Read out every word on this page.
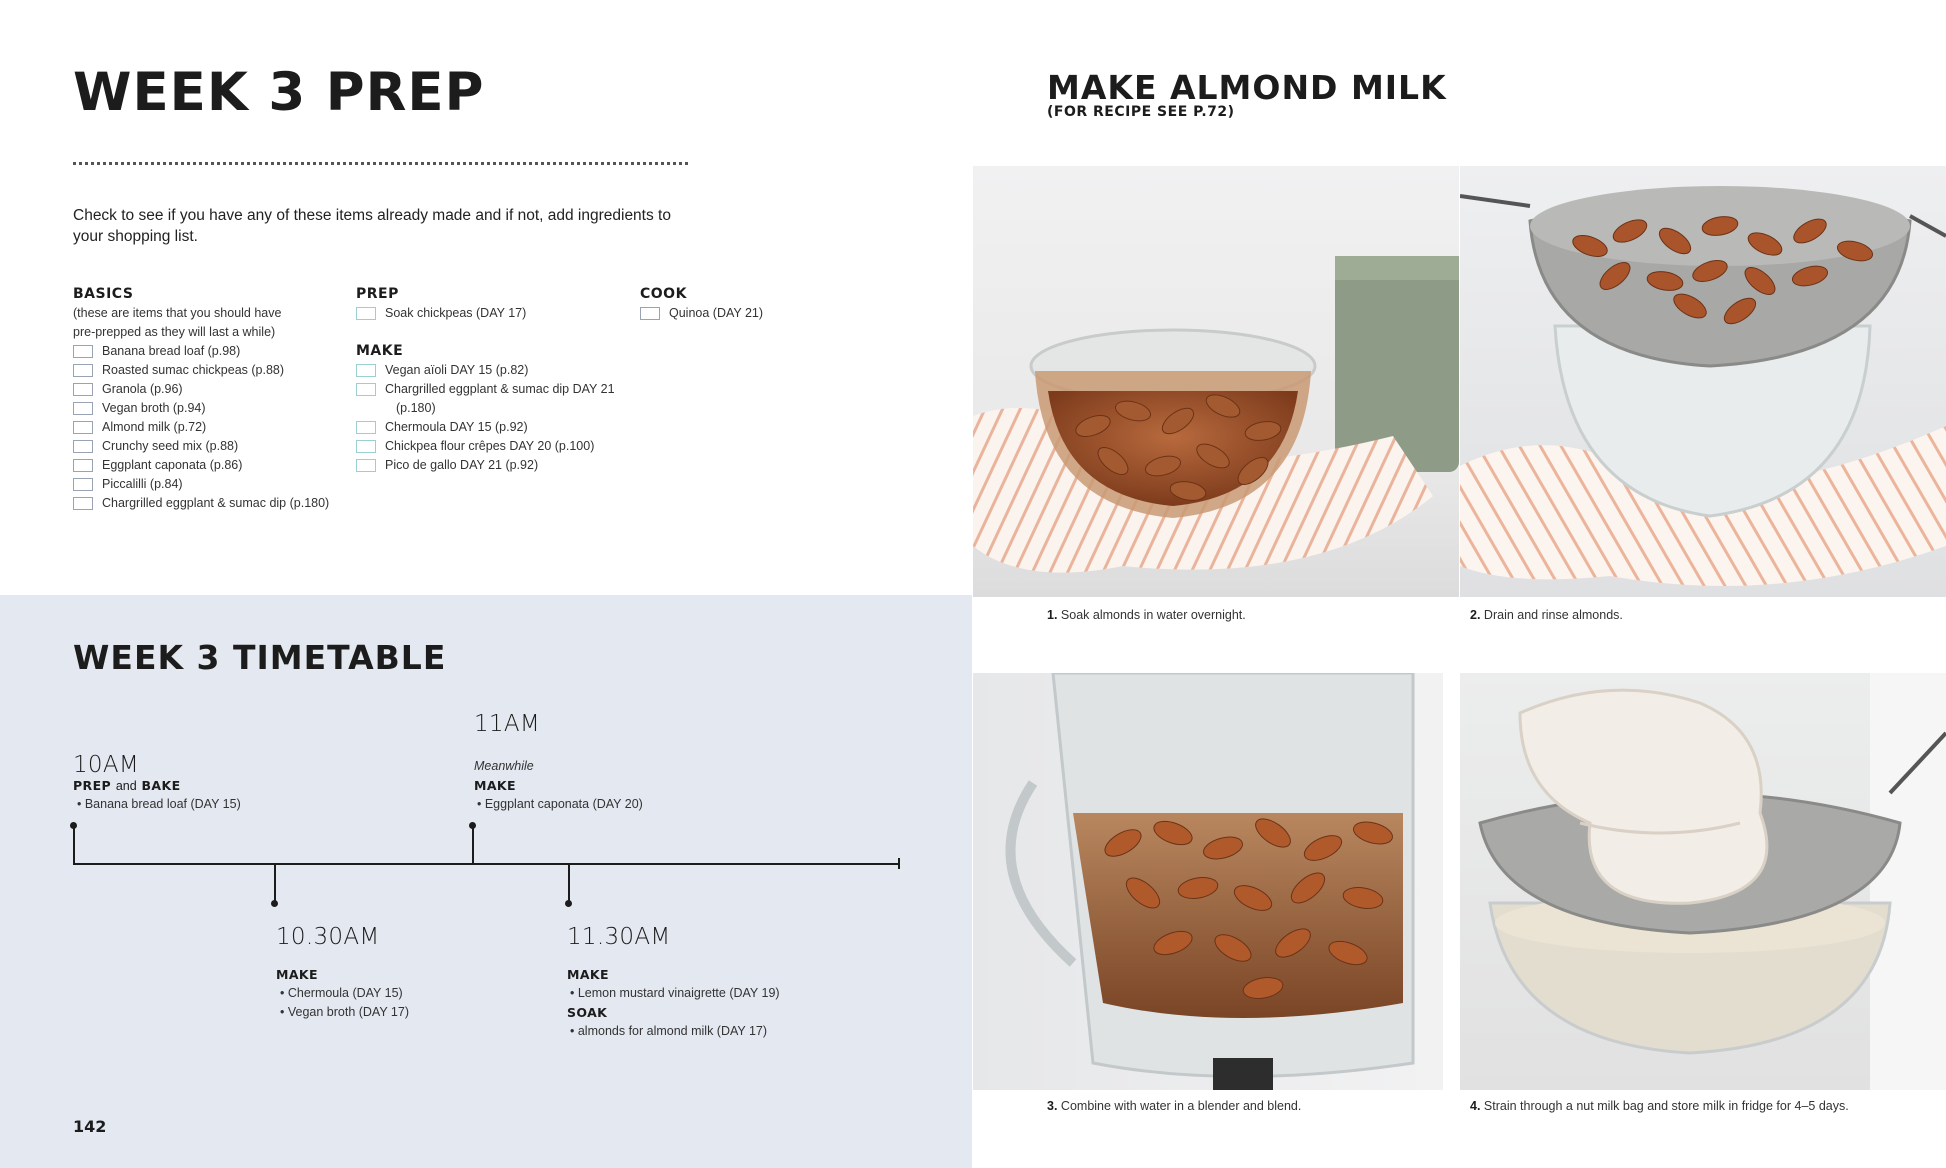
WEEK 3 PREP
Check to see if you have any of these items already made and if not, add ingredients to your shopping list.
BASICS
(these are items that you should have
pre-prepped as they will last a while)
Banana bread loaf (p.98)
Roasted sumac chickpeas (p.88)
Granola (p.96)
Vegan broth (p.94)
Almond milk (p.72)
Crunchy seed mix (p.88)
Eggplant caponata (p.86)
Piccalilli (p.84)
Chargrilled eggplant & sumac dip (p.180)
PREP
Soak chickpeas (DAY 17)
MAKE
Vegan aïoli DAY 15 (p.82)
Chargrilled eggplant & sumac dip DAY 21
(p.180)
Chermoula DAY 15 (p.92)
Chickpea flour crêpes DAY 20 (p.100)
Pico de gallo DAY 21 (p.92)
COOK
Quinoa (DAY 21)
WEEK 3 TIMETABLE
10AM
PREP and BAKE
• Banana bread loaf (DAY 15)
11AM
Meanwhile
MAKE
• Eggplant caponata (DAY 20)
10.30AM
MAKE
• Chermoula (DAY 15)
• Vegan broth (DAY 17)
11.30AM
MAKE
• Lemon mustard vinaigrette (DAY 19)
SOAK
• almonds for almond milk (DAY 17)
142
MAKE ALMOND MILK
(FOR RECIPE SEE P.72)
1. Soak almonds in water overnight.	2. Drain and rinse almonds.
3. Combine with water in a blender and blend.	4. Strain through a nut milk bag and store milk in fridge for 4–5 days.
